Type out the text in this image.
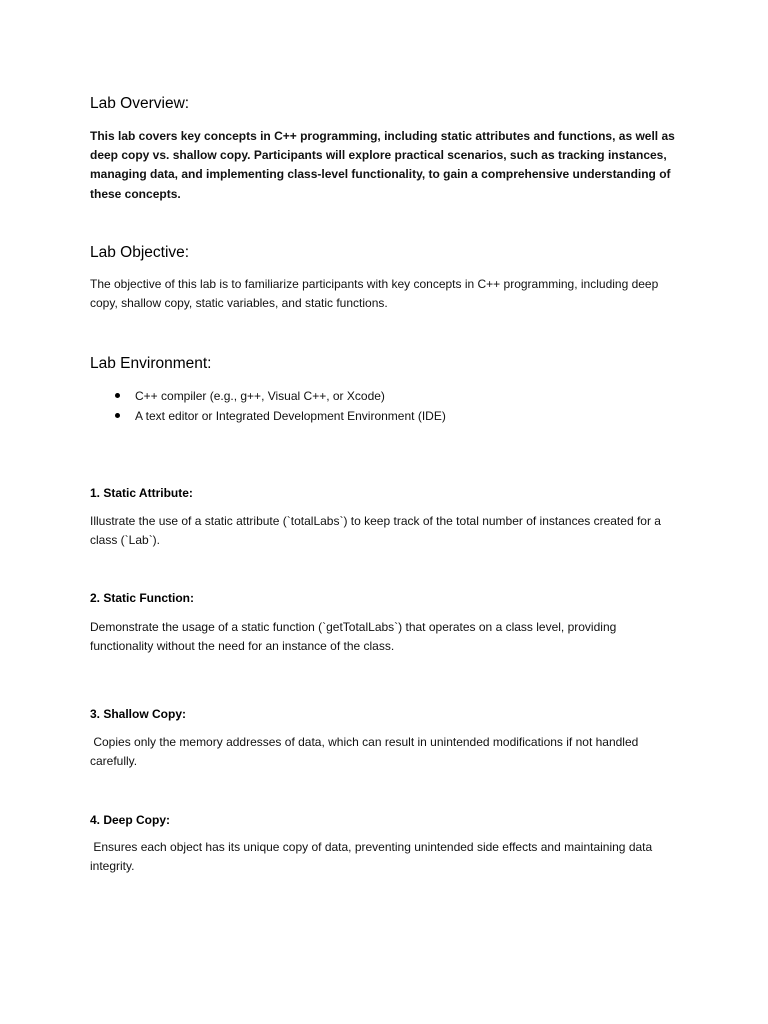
Lab Overview:

This lab covers key concepts in C++ programming, including static attributes and functions, as well as deep copy vs. shallow copy. Participants will explore practical scenarios, such as tracking instances, managing data, and implementing class-level functionality, to gain a comprehensive understanding of these concepts.

Lab Objective:

The objective of this lab is to familiarize participants with key concepts in C++ programming, including deep copy, shallow copy, static variables, and static functions.

Lab Environment:
C++ compiler (e.g., g++, Visual C++, or Xcode)
A text editor or Integrated Development Environment (IDE)
1. Static Attribute:

Illustrate the use of a static attribute (`totalLabs`) to keep track of the total number of instances created for a class (`Lab`).

2. Static Function:

Demonstrate the usage of a static function (`getTotalLabs`) that operates on a class level, providing functionality without the need for an instance of the class.

3. Shallow Copy:

Copies only the memory addresses of data, which can result in unintended modifications if not handled carefully.

4. Deep Copy:

Ensures each object has its unique copy of data, preventing unintended side effects and maintaining data integrity.
